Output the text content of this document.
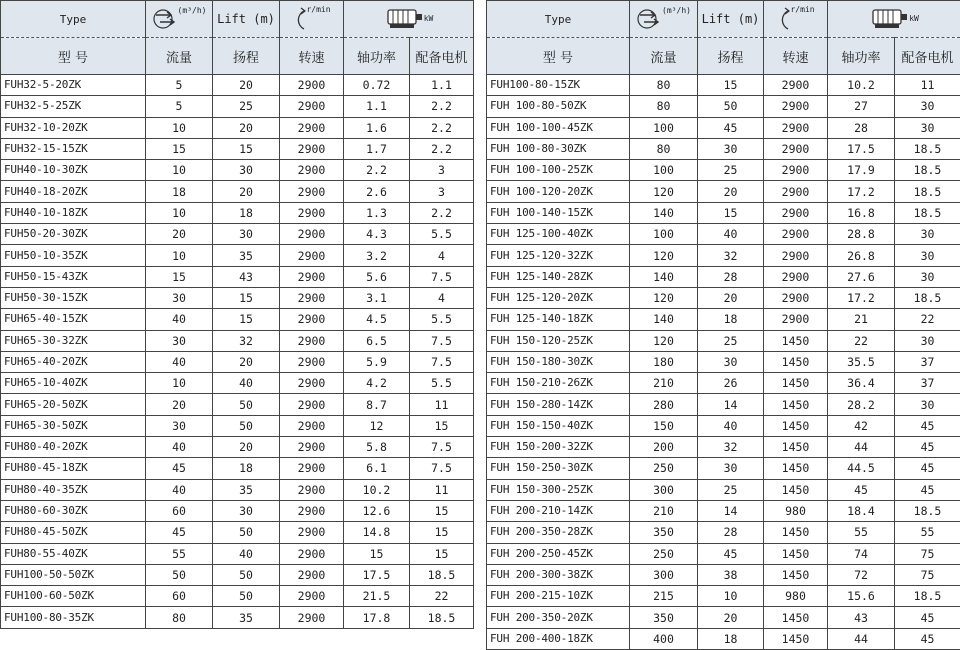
Type	$^{(m^3/h)}$	Lift (m)	$^{r/min}$	$^{kW}$
型 号	流量	扬程	转速	轴功率	配备电机
FUH32-5-20ZK	5	20	2900	0.72	1.1
FUH32-5-25ZK	5	25	2900	1.1	2.2
FUH32-10-20ZK	10	20	2900	1.6	2.2
FUH32-15-15ZK	15	15	2900	1.7	2.2
FUH40-10-30ZK	10	30	2900	2.2	3
FUH40-18-20ZK	18	20	2900	2.6	3
FUH40-10-18ZK	10	18	2900	1.3	2.2
FUH50-20-30ZK	20	30	2900	4.3	5.5
FUH50-10-35ZK	10	35	2900	3.2	4
FUH50-15-43ZK	15	43	2900	5.6	7.5
FUH50-30-15ZK	30	15	2900	3.1	4
FUH65-40-15ZK	40	15	2900	4.5	5.5
FUH65-30-32ZK	30	32	2900	6.5	7.5
FUH65-40-20ZK	40	20	2900	5.9	7.5
FUH65-10-40ZK	10	40	2900	4.2	5.5
FUH65-20-50ZK	20	50	2900	8.7	11
FUH65-30-50ZK	30	50	2900	12	15
FUH80-40-20ZK	40	20	2900	5.8	7.5
FUH80-45-18ZK	45	18	2900	6.1	7.5
FUH80-40-35ZK	40	35	2900	10.2	11
FUH80-60-30ZK	60	30	2900	12.6	15
FUH80-45-50ZK	45	50	2900	14.8	15
FUH80-55-40ZK	55	40	2900	15	15
FUH100-50-50ZK	50	50	2900	17.5	18.5
FUH100-60-50ZK	60	50	2900	21.5	22
FUH100-80-35ZK	80	35	2900	17.8	18.5
Type	$^{(m^3/h)}$	Lift (m)	$^{r/min}$	$^{kW}$
型 号	流量	扬程	转速	轴功率	配备电机
FUH100-80-15ZK	80	15	2900	10.2	11
FUH 100-80-50ZK	80	50	2900	27	30
FUH 100-100-45ZK	100	45	2900	28	30
FUH 100-80-30ZK	80	30	2900	17.5	18.5
FUH 100-100-25ZK	100	25	2900	17.9	18.5
FUH 100-120-20ZK	120	20	2900	17.2	18.5
FUH 100-140-15ZK	140	15	2900	16.8	18.5
FUH 125-100-40ZK	100	40	2900	28.8	30
FUH 125-120-32ZK	120	32	2900	26.8	30
FUH 125-140-28ZK	140	28	2900	27.6	30
FUH 125-120-20ZK	120	20	2900	17.2	18.5
FUH 125-140-18ZK	140	18	2900	21	22
FUH 150-120-25ZK	120	25	1450	22	30
FUH 150-180-30ZK	180	30	1450	35.5	37
FUH 150-210-26ZK	210	26	1450	36.4	37
FUH 150-280-14ZK	280	14	1450	28.2	30
FUH 150-150-40ZK	150	40	1450	42	45
FUH 150-200-32ZK	200	32	1450	44	45
FUH 150-250-30ZK	250	30	1450	44.5	45
FUH 150-300-25ZK	300	25	1450	45	45
FUH 200-210-14ZK	210	14	980	18.4	18.5
FUH 200-350-28ZK	350	28	1450	55	55
FUH 200-250-45ZK	250	45	1450	74	75
FUH 200-300-38ZK	300	38	1450	72	75
FUH 200-215-10ZK	215	10	980	15.6	18.5
FUH 200-350-20ZK	350	20	1450	43	45
FUH 200-400-18ZK	400	18	1450	44	45
